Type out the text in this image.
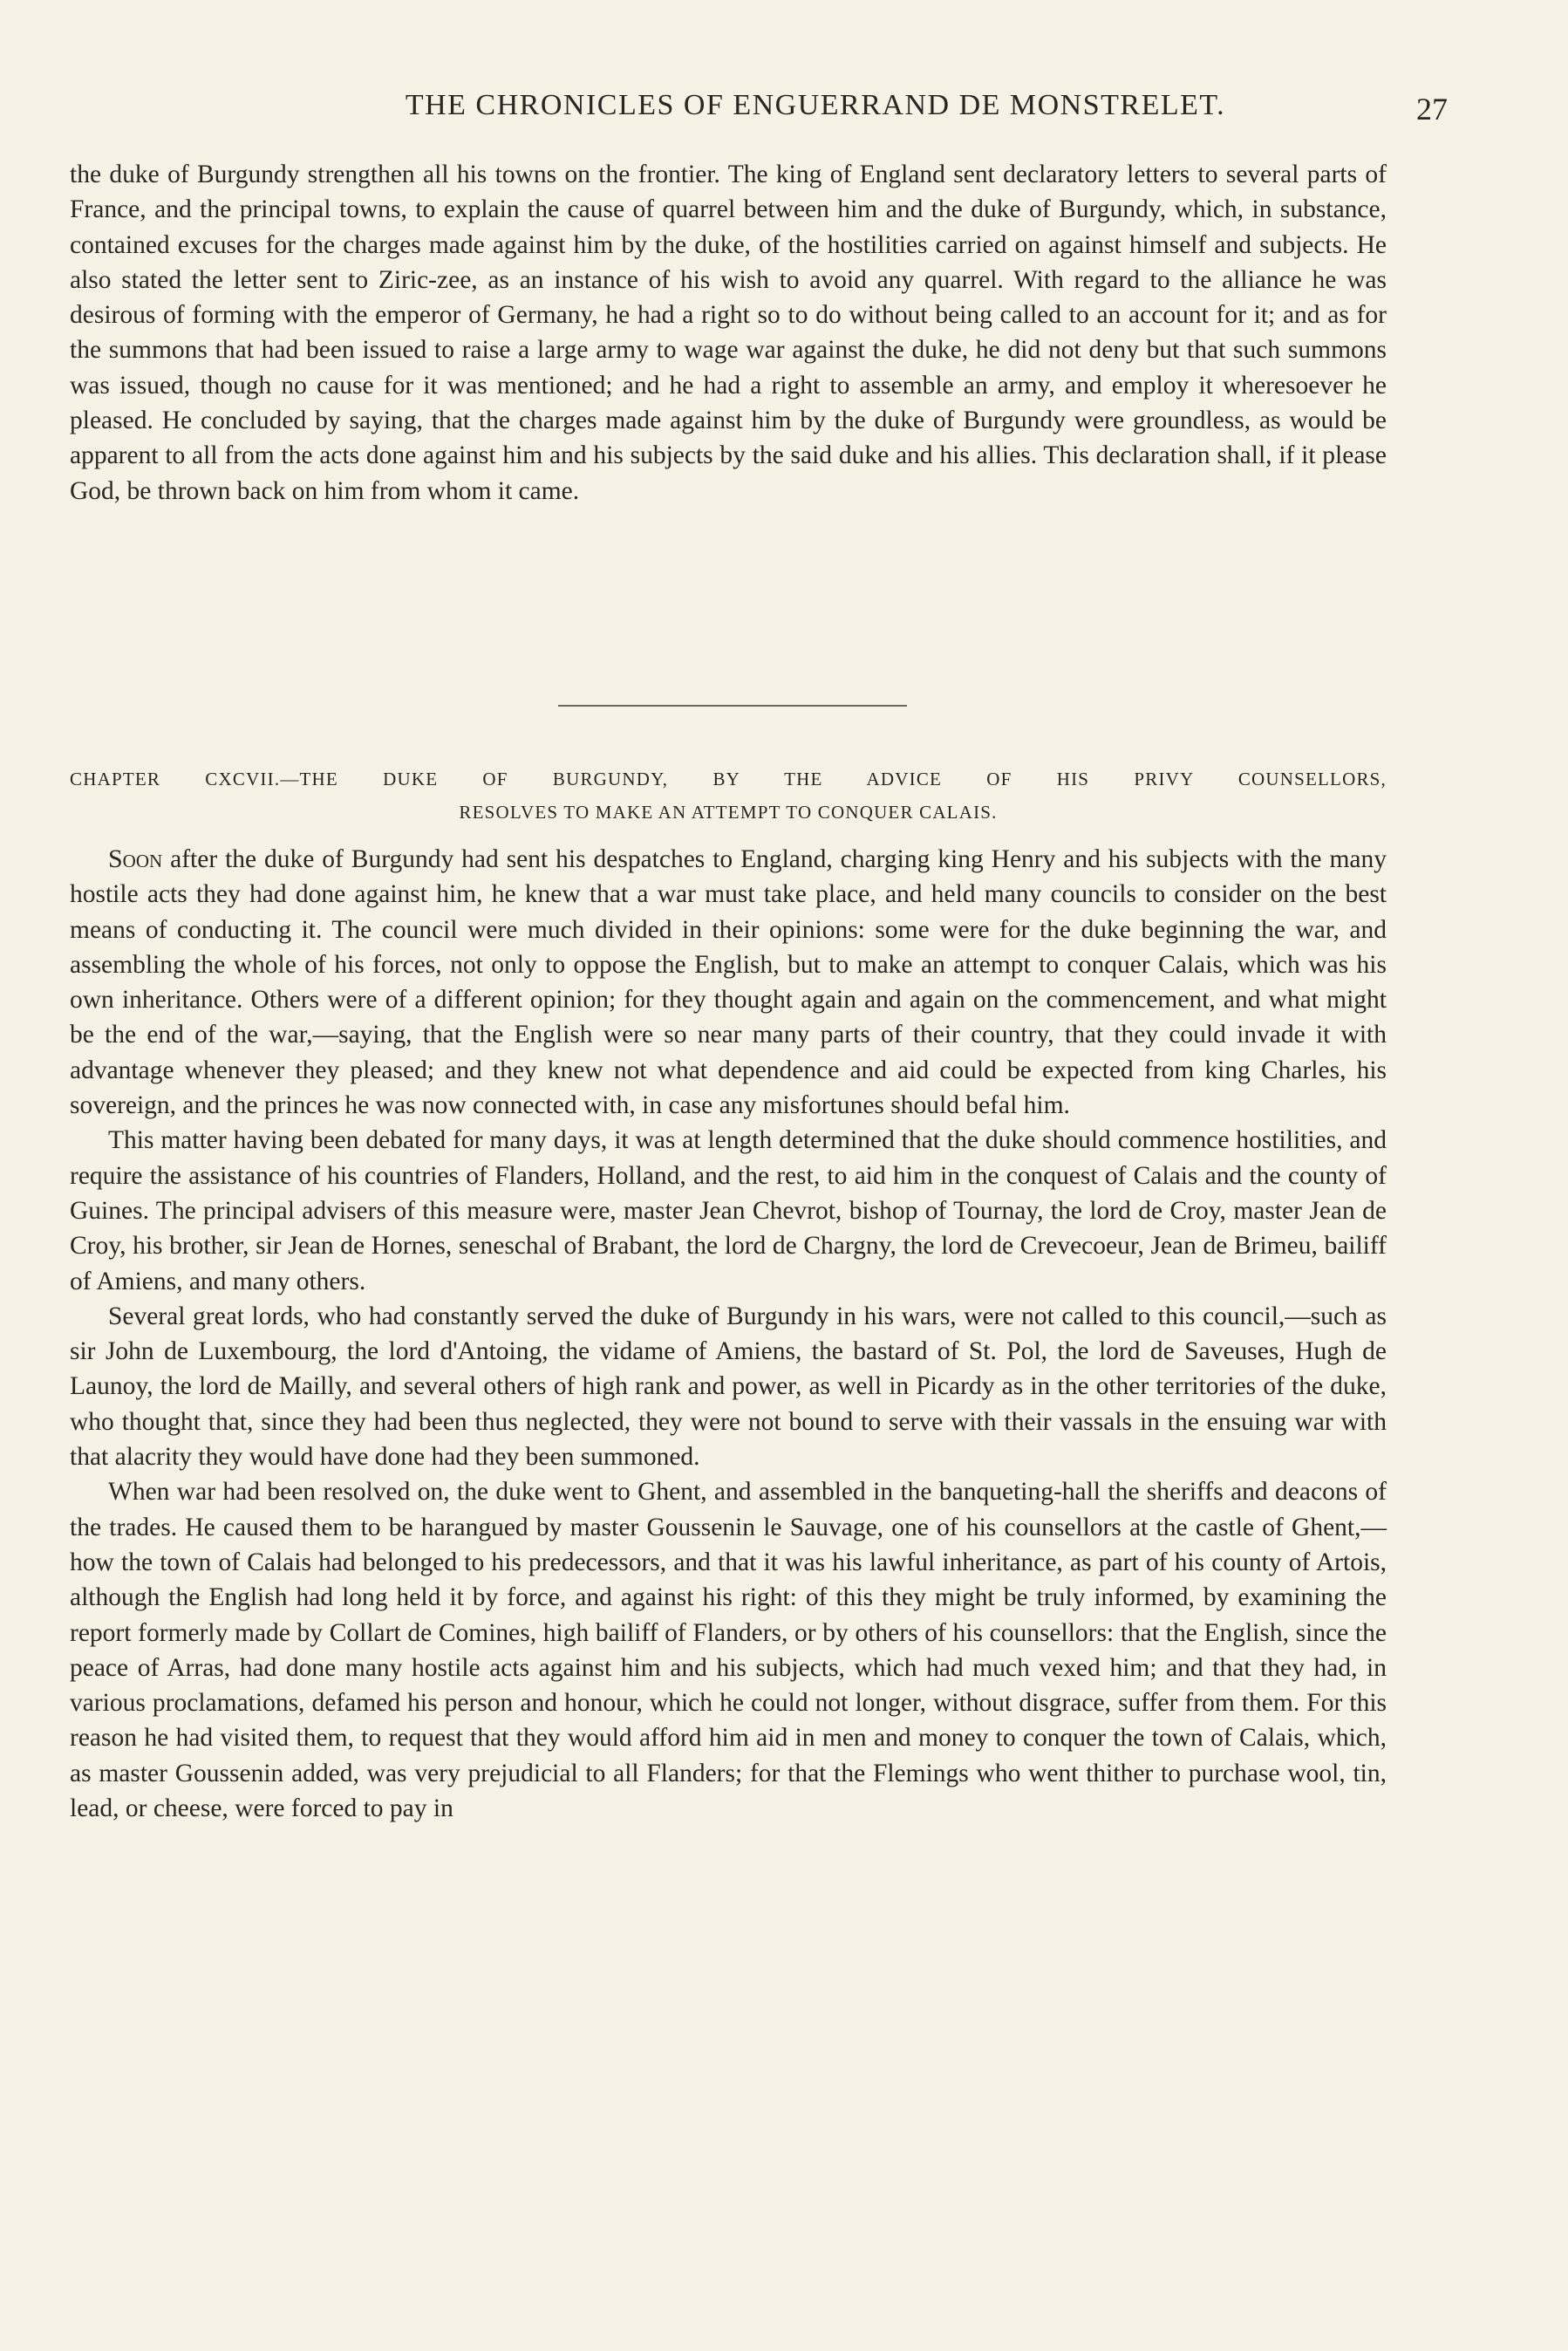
THE CHRONICLES OF ENGUERRAND DE MONSTRELET.	27

the duke of Burgundy strengthen all his towns on the frontier. The king of England sent declaratory letters to several parts of France, and the principal towns, to explain the cause of quarrel between him and the duke of Burgundy, which, in substance, contained excuses for the charges made against him by the duke, of the hostilities carried on against himself and subjects. He also stated the letter sent to Ziric-zee, as an instance of his wish to avoid any quarrel. With regard to the alliance he was desirous of forming with the emperor of Germany, he had a right so to do without being called to an account for it; and as for the summons that had been issued to raise a large army to wage war against the duke, he did not deny but that such summons was issued, though no cause for it was mentioned; and he had a right to assemble an army, and employ it wheresoever he pleased. He concluded by saying, that the charges made against him by the duke of Burgundy were groundless, as would be apparent to all from the acts done against him and his subjects by the said duke and his allies. This declaration shall, if it please God, be thrown back on him from whom it came.

CHAPTER CXCVII.—THE DUKE OF BURGUNDY, BY THE ADVICE OF HIS PRIVY COUNSELLORS,
RESOLVES TO MAKE AN ATTEMPT TO CONQUER CALAIS.

Soon after the duke of Burgundy had sent his despatches to England, charging king Henry and his subjects with the many hostile acts they had done against him, he knew that a war must take place, and held many councils to consider on the best means of conducting it. The council were much divided in their opinions: some were for the duke beginning the war, and assembling the whole of his forces, not only to oppose the English, but to make an attempt to conquer Calais, which was his own inheritance. Others were of a different opinion; for they thought again and again on the commencement, and what might be the end of the war,—saying, that the English were so near many parts of their country, that they could invade it with advantage whenever they pleased; and they knew not what dependence and aid could be expected from king Charles, his sovereign, and the princes he was now connected with, in case any misfortunes should befal him.

This matter having been debated for many days, it was at length determined that the duke should commence hostilities, and require the assistance of his countries of Flanders, Holland, and the rest, to aid him in the conquest of Calais and the county of Guines. The principal advisers of this measure were, master Jean Chevrot, bishop of Tournay, the lord de Croy, master Jean de Croy, his brother, sir Jean de Hornes, seneschal of Brabant, the lord de Chargny, the lord de Crevecoeur, Jean de Brimeu, bailiff of Amiens, and many others.

Several great lords, who had constantly served the duke of Burgundy in his wars, were not called to this council,—such as sir John de Luxembourg, the lord d'Antoing, the vidame of Amiens, the bastard of St. Pol, the lord de Saveuses, Hugh de Launoy, the lord de Mailly, and several others of high rank and power, as well in Picardy as in the other territories of the duke, who thought that, since they had been thus neglected, they were not bound to serve with their vassals in the ensuing war with that alacrity they would have done had they been summoned.

When war had been resolved on, the duke went to Ghent, and assembled in the banqueting-hall the sheriffs and deacons of the trades. He caused them to be harangued by master Goussenin le Sauvage, one of his counsellors at the castle of Ghent,—how the town of Calais had belonged to his predecessors, and that it was his lawful inheritance, as part of his county of Artois, although the English had long held it by force, and against his right: of this they might be truly informed, by examining the report formerly made by Collart de Comines, high bailiff of Flanders, or by others of his counsellors: that the English, since the peace of Arras, had done many hostile acts against him and his subjects, which had much vexed him; and that they had, in various proclamations, defamed his person and honour, which he could not longer, without disgrace, suffer from them. For this reason he had visited them, to request that they would afford him aid in men and money to conquer the town of Calais, which, as master Goussenin added, was very prejudicial to all Flanders; for that the Flemings who went thither to purchase wool, tin, lead, or cheese, were forced to pay in
